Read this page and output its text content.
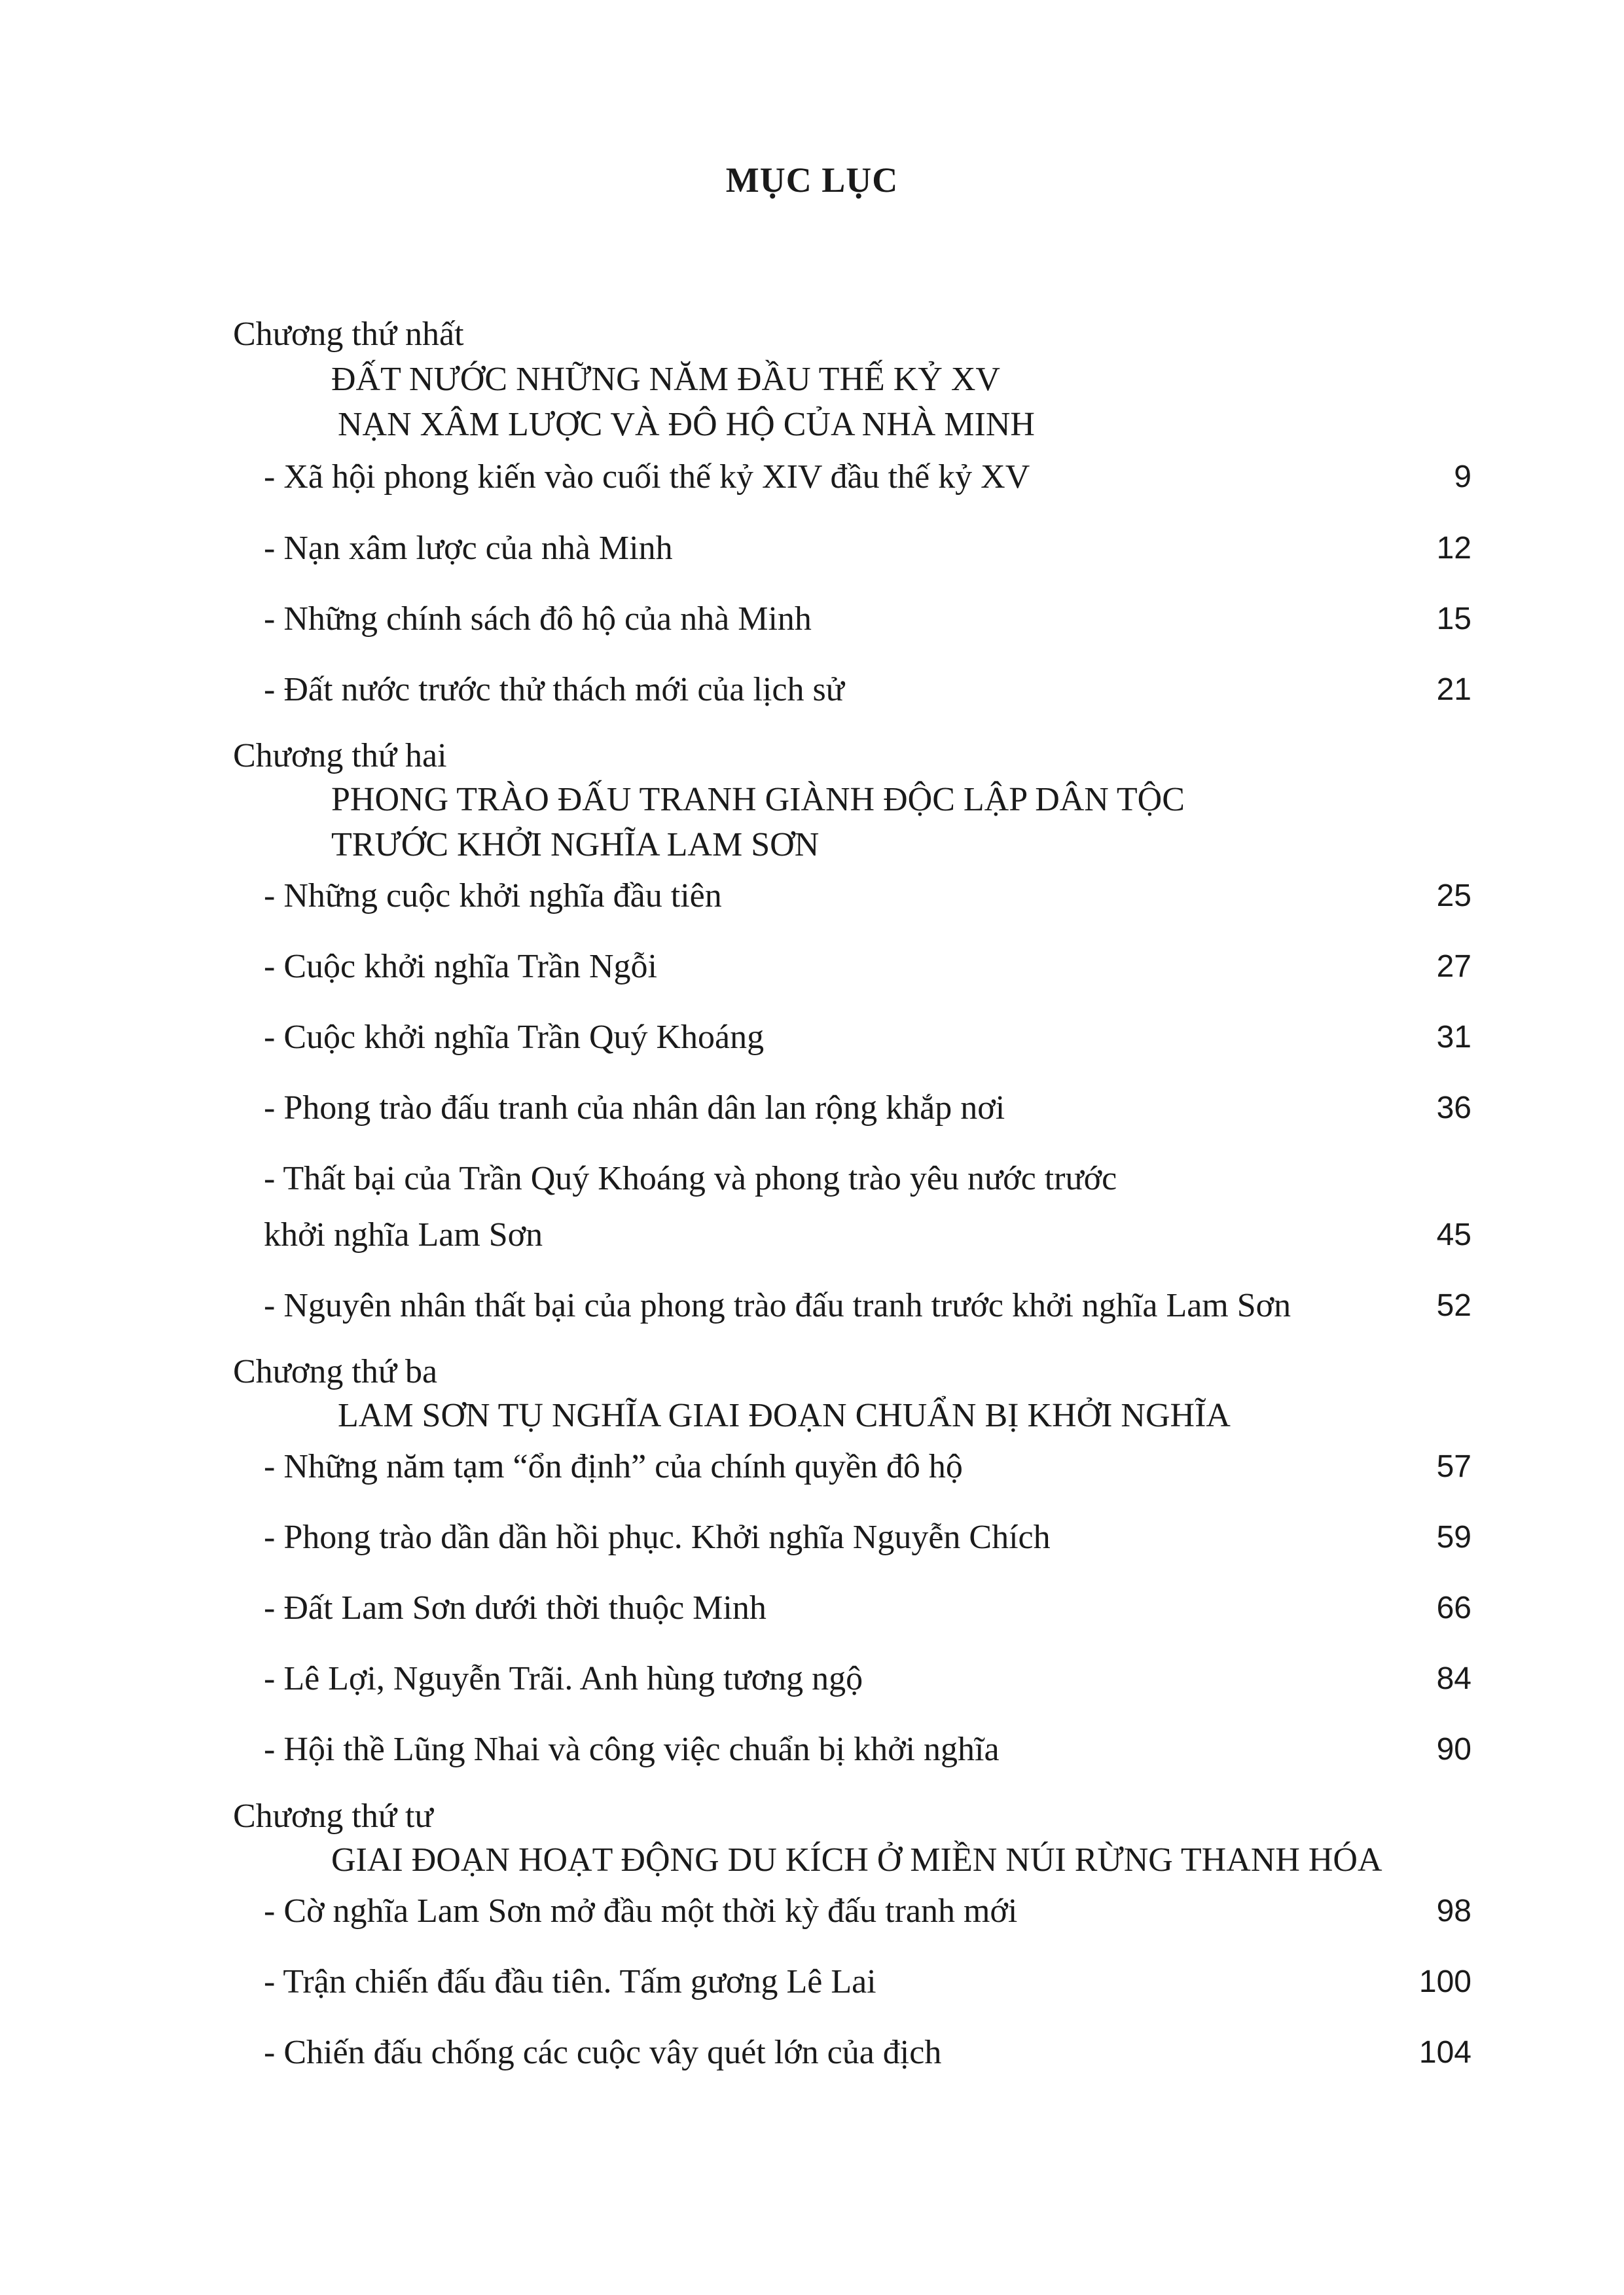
MỤC LỤC
Chương thứ nhất
ĐẤT NƯỚC NHỮNG NĂM ĐẦU THẾ KỶ XV
NẠN XÂM LƯỢC VÀ ĐÔ HỘ CỦA NHÀ MINH
- Xã hội phong kiến vào cuối thế kỷ XIV đầu thế kỷ XV	9
- Nạn xâm lược của nhà Minh	12
- Những chính sách đô hộ của nhà Minh	15
- Đất nước trước thử thách mới của lịch sử	21
Chương thứ hai
PHONG TRÀO ĐẤU TRANH GIÀNH ĐỘC LẬP DÂN TỘC
TRƯỚC KHỞI NGHĨA LAM SƠN
- Những cuộc khởi nghĩa đầu tiên	25
- Cuộc khởi nghĩa Trần Ngỗi	27
- Cuộc khởi nghĩa Trần Quý Khoáng	31
- Phong trào đấu tranh của nhân dân lan rộng khắp nơi	36
- Thất bại của Trần Quý Khoáng và phong trào yêu nước trước
khởi nghĩa Lam Sơn	45
- Nguyên nhân thất bại của phong trào đấu tranh trước khởi nghĩa Lam Sơn	52
Chương thứ ba
LAM SƠN TỤ NGHĨA GIAI ĐOẠN CHUẨN BỊ KHỞI NGHĨA
- Những năm tạm “ổn định” của chính quyền đô hộ	57
- Phong trào dần dần hồi phục. Khởi nghĩa Nguyễn Chích	59
- Đất Lam Sơn dưới thời thuộc Minh	66
- Lê Lợi, Nguyễn Trãi. Anh hùng tương ngộ	84
- Hội thề Lũng Nhai và công việc chuẩn bị khởi nghĩa	90
Chương thứ tư
GIAI ĐOẠN HOẠT ĐỘNG DU KÍCH Ở MIỀN NÚI RỪNG THANH HÓA
- Cờ nghĩa Lam Sơn mở đầu một thời kỳ đấu tranh mới	98
- Trận chiến đấu đầu tiên. Tấm gương Lê Lai	100
- Chiến đấu chống các cuộc vây quét lớn của địch	104
